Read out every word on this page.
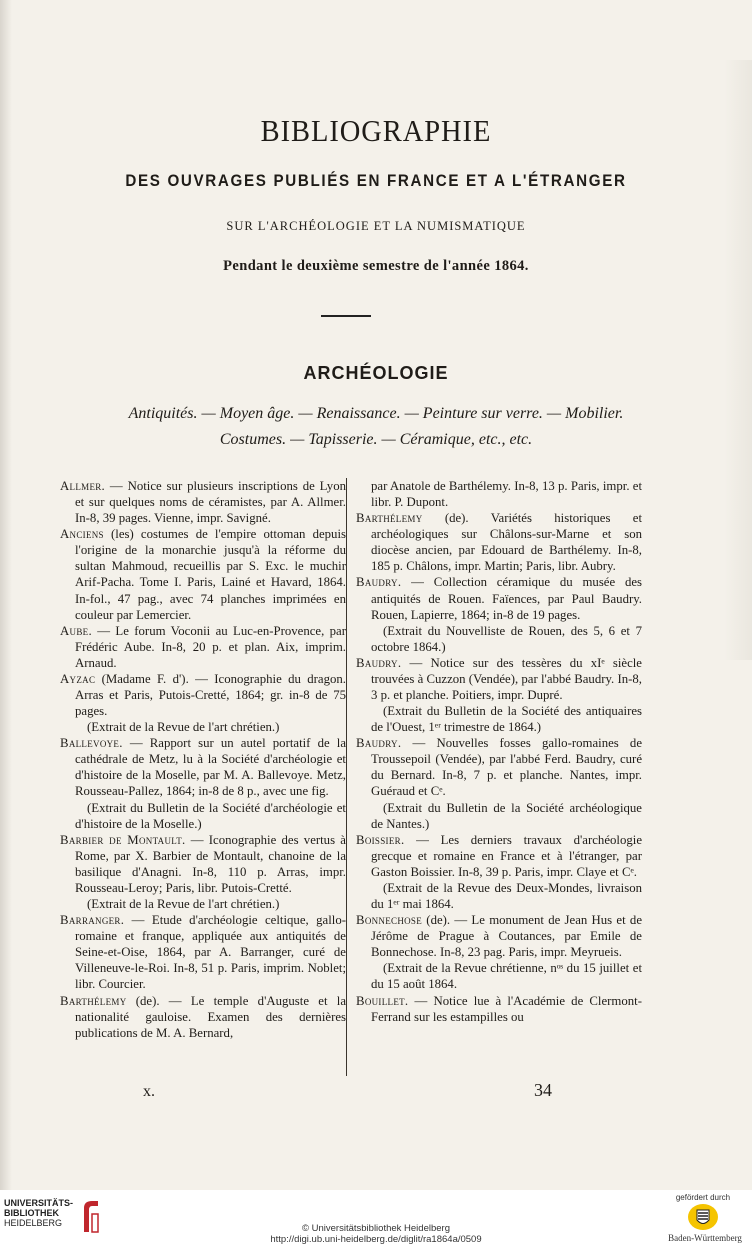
BIBLIOGRAPHIE
DES OUVRAGES PUBLIÉS EN FRANCE ET A L'ÉTRANGER
SUR L'ARCHÉOLOGIE ET LA NUMISMATIQUE
Pendant le deuxième semestre de l'année 1864.
ARCHÉOLOGIE
Antiquités. — Moyen âge. — Renaissance. — Peinture sur verre. — Mobilier.
Costumes. — Tapisserie. — Céramique, etc., etc.

Allmer. — Notice sur plusieurs inscriptions de Lyon et sur quelques noms de céramistes, par A. Allmer. In-8, 39 pages. Vienne, impr. Savigné.

Anciens (les) costumes de l'empire ottoman depuis l'origine de la monarchie jusqu'à la réforme du sultan Mahmoud, recueillis par S. Exc. le muchir Arif-Pacha. Tome I. Paris, Lainé et Havard, 1864. In-fol., 47 pag., avec 74 planches imprimées en couleur par Lemercier.

Aube. — Le forum Voconii au Luc-en-Provence, par Frédéric Aube. In-8, 20 p. et plan. Aix, imprim. Arnaud.

Ayzac (Madame F. d'). — Iconographie du dragon. Arras et Paris, Putois-Cretté, 1864; gr. in-8 de 75 pages.

(Extrait de la Revue de l'art chrétien.)

Ballevoye. — Rapport sur un autel portatif de la cathédrale de Metz, lu à la Société d'archéologie et d'histoire de la Moselle, par M. A. Ballevoye. Metz, Rousseau-Pallez, 1864; in-8 de 8 p., avec une fig.

(Extrait du Bulletin de la Société d'archéologie et d'histoire de la Moselle.)

Barbier de Montault. — Iconographie des vertus à Rome, par X. Barbier de Montault, chanoine de la basilique d'Anagni. In-8, 110 p. Arras, impr. Rousseau-Leroy; Paris, libr. Putois-Cretté.

(Extrait de la Revue de l'art chrétien.)

Barranger. — Etude d'archéologie celtique, gallo-romaine et franque, appliquée aux antiquités de Seine-et-Oise, 1864, par A. Barranger, curé de Villeneuve-le-Roi. In-8, 51 p. Paris, imprim. Noblet; libr. Courcier.

Barthélemy (de). — Le temple d'Auguste et la nationalité gauloise. Examen des dernières publications de M. A. Bernard,

par Anatole de Barthélemy. In-8, 13 p. Paris, impr. et libr. P. Dupont.

Barthélemy (de). Variétés historiques et archéologiques sur Châlons-sur-Marne et son diocèse ancien, par Edouard de Barthélemy. In-8, 185 p. Châlons, impr. Martin; Paris, libr. Aubry.

Baudry. — Collection céramique du musée des antiquités de Rouen. Faïences, par Paul Baudry. Rouen, Lapierre, 1864; in-8 de 19 pages.

(Extrait du Nouvelliste de Rouen, des 5, 6 et 7 octobre 1864.)

Baudry. — Notice sur des tessères du xIᵉ siècle trouvées à Cuzzon (Vendée), par l'abbé Baudry. In-8, 3 p. et planche. Poitiers, impr. Dupré.

(Extrait du Bulletin de la Société des antiquaires de l'Ouest, 1ᵉʳ trimestre de 1864.)

Baudry. — Nouvelles fosses gallo-romaines de Troussepoil (Vendée), par l'abbé Ferd. Baudry, curé du Bernard. In-8, 7 p. et planche. Nantes, impr. Guéraud et Cᵉ.

(Extrait du Bulletin de la Société archéologique de Nantes.)

Boissier. — Les derniers travaux d'archéologie grecque et romaine en France et à l'étranger, par Gaston Boissier. In-8, 39 p. Paris, impr. Claye et Cᵉ.

(Extrait de la Revue des Deux-Mondes, livraison du 1ᵉʳ mai 1864.

Bonnechose (de). — Le monument de Jean Hus et de Jérôme de Prague à Coutances, par Emile de Bonnechose. In-8, 23 pag. Paris, impr. Meyrueis.

(Extrait de la Revue chrétienne, nᵒˢ du 15 juillet et du 15 août 1864.

Bouillet. — Notice lue à l'Académie de Clermont-Ferrand sur les estampilles ou

x.	34
UNIVERSITÄTS-
BIBLIOTHEK
HEIDELBERG	© Universitätsbibliothek Heidelberg
http://digi.ub.uni-heidelberg.de/diglit/ra1864a/0509
gefördert durch
Baden-Württemberg
